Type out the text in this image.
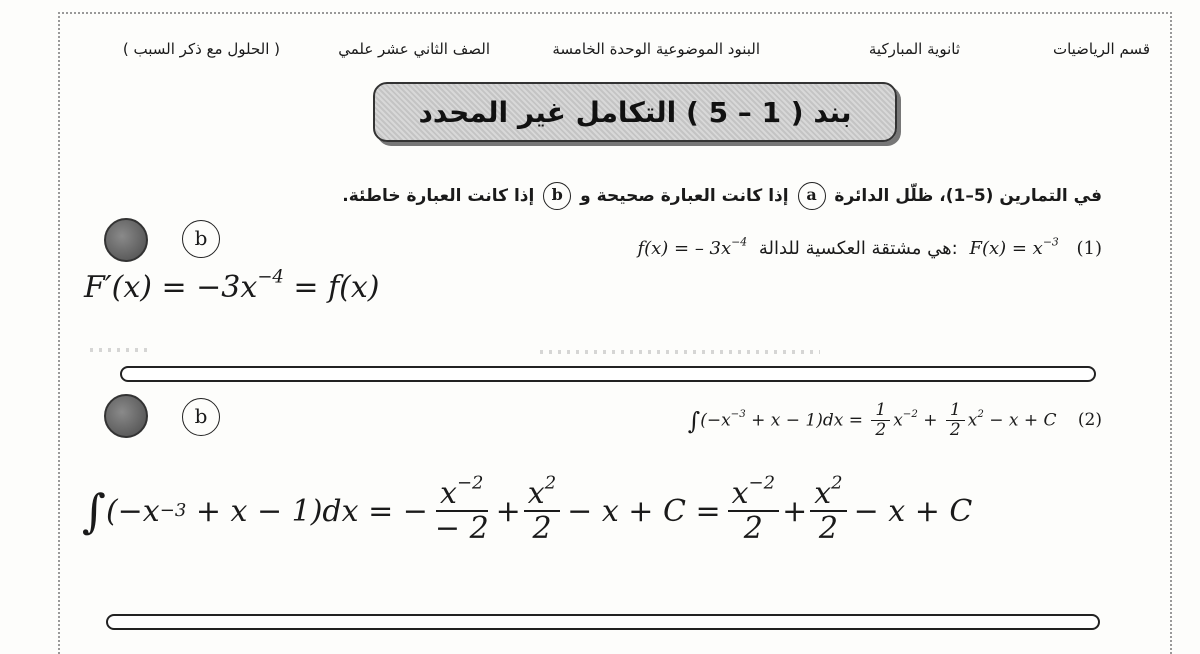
قسم الرياضيات
ثانوية المباركية
البنود الموضوعية الوحدة الخامسة
الصف الثاني عشر علمي
( الحلول مع ذكر السبب )
بند ( 1 – 5 ) التكامل غير المحدد
في التمارين (5–1)، ظلّل الدائرة a إذا كانت العبارة صحيحة و b إذا كانت العبارة خاطئة.
b	f(x) = – $3x^{-4}$ هي مشتقة العكسية للدالة: $F(x) = x^{-3}$ (1)
$F'(x) = -3x^{-4} = f(x)$
b	$\int(-x^{-3} + x - 1)dx = \frac{1}{2} x^{-2} + \frac{1}{2} x^2 - x + C$ (2)
∫ (−x −3 + x − 1)dx = − $\frac{x^{-2}}{- 2} + \frac{x^2}{2} - x + C = \frac{x^{-2}}{2} + \frac{x^2}{2} - x + C$
